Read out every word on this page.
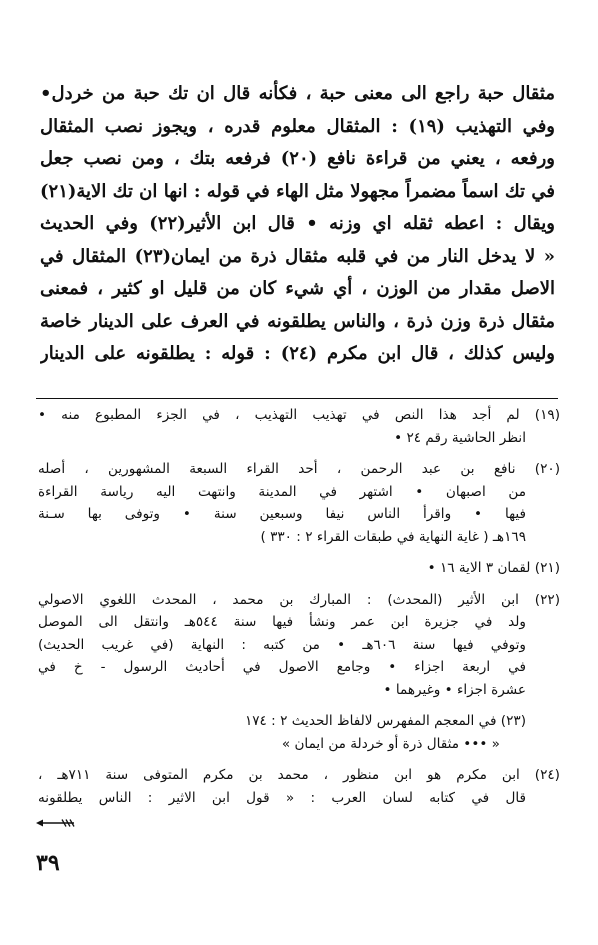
مثقال حبة راجع الى معنى حبة ، فكأنه قال ان تك حبة من خردل•
وفي التهذيب (١٩) : المثقال معلوم قدره ، ويجوز نصب المثقال
ورفعه ، يعني من قراءة نافع (٢٠) فرفعه بتك ، ومن نصب جعل
في تك اسماً مضمراً مجهولا مثل الهاء في قوله : انها ان تك الاية(٢١)
ويقال : اعطه ثقله اي وزنه • قال ابن الأثير(٢٢) وفي الحديث
« لا يدخل النار من في قلبه مثقال ذرة من ايمان(٢٣) المثقال في
الاصل مقدار من الوزن ، أي شيء كان من قليل او كثير ، فمعنى
مثقال ذرة وزن ذرة ، والناس يطلقونه في العرف على الدينار خاصة
وليس كذلك ، قال ابن مكرم (٢٤) : قوله : يطلقونه على الدينار
(١٩) لم أجد هذا النص في تهذيب التهذيب ، في الجزء المطبوع منه •
انظر الحاشية رقم ٢٤ •
(٢٠) نافع بن عبد الرحمن ، أحد القراء السبعة المشهورين ، أصله
من اصبهان • اشتهر في المدينة وانتهت اليه رياسة القراءة
فيها • واقرأ الناس نيفا وسبعين سنة • وتوفى بها سـنة
١٦٩هـ ( غاية النهاية في طبقات القراء ٢ : ٣٣٠ )
(٢١) لقمان ٣ الاية ١٦ •
(٢٢) ابن الأثير (المحدث) : المبارك بن محمد ، المحدث اللغوي الاصولي
ولد في جزيرة ابن عمر ونشأ فيها سنة ٥٤٤هـ وانتقل الى الموصل
وتوفي فيها سنة ٦٠٦هـ • من كتبه : النهاية (في غريب الحديث)
في اربعة اجزاء • وجامع الاصول في أحاديث الرسول - خ في
عشرة اجزاء • وغيرهما •
(٢٣) في المعجم المفهرس لالفاظ الحديث ٢ : ١٧٤
« ••• مثقال ذرة أو خردلة من ايمان »
(٢٤) ابن مكرم هو ابن منظور ، محمد بن مكرم المتوفى سنة ٧١١هـ ،
قال في كتابه لسان العرب : « قول ابن الاثير : الناس يطلقونه
٣٩
